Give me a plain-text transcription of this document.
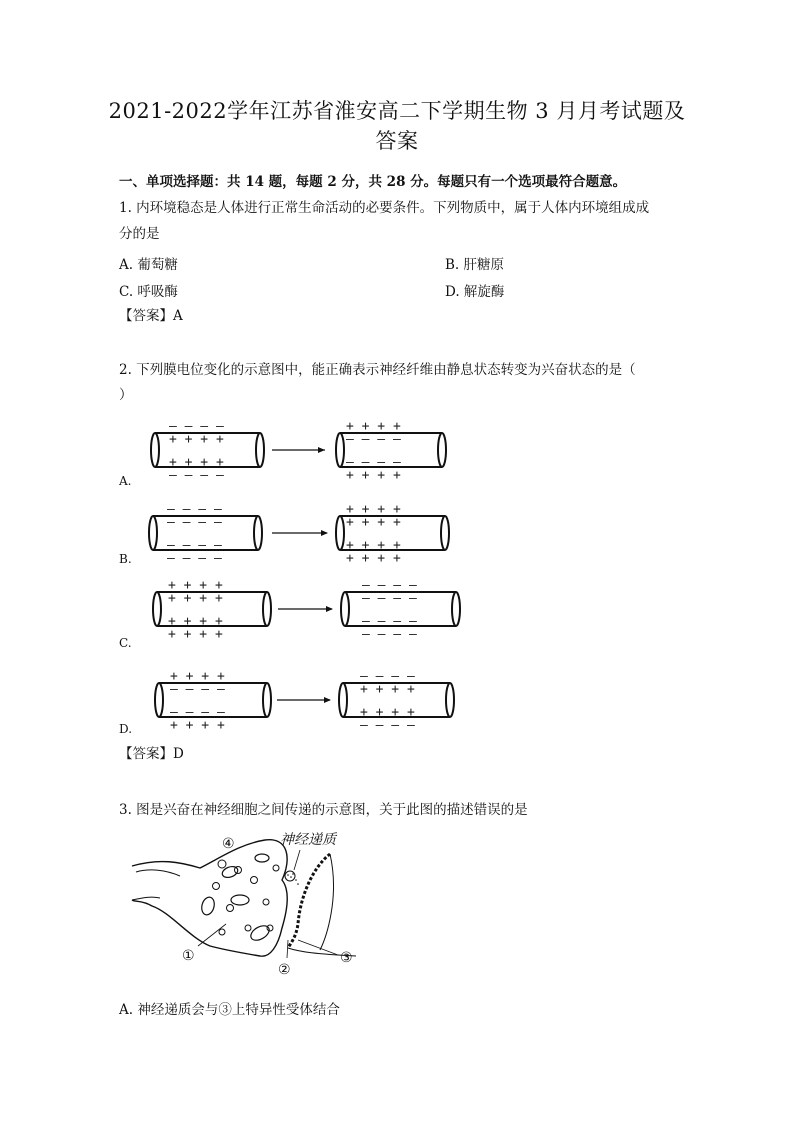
2021-2022学年江苏省淮安高二下学期生物 3 月月考试题及
答案
一、单项选择题：共 14 题，每题 2 分，共 28 分。每题只有一个选项最符合题意。
1. 内环境稳态是人体进行正常生命活动的必要条件。下列物质中，属于人体内环境组成成
分的是
A. 葡萄糖	B. 肝糖原
C. 呼吸酶	D. 解旋酶
【答案】A
2. 下列膜电位变化的示意图中，能正确表示神经纤维由静息状态转变为兴奋状态的是（
）
– – – –
+ + + +
+ + + +
– – – –
+ + + +
– – – –
– – – –
+ + + +
A.
– – – –
– – – –
– – – –
– – – –
+ + + +
+ + + +
+ + + +
+ + + +
B.
+ + + +
+ + + +
+ + + +
+ + + +
– – – –
– – – –
– – – –
– – – –
C.
+ + + +
– – – –
– – – –
+ + + +
– – – –
+ + + +
+ + + +
– – – –
D.
【答案】D
3. 图是兴奋在神经细胞之间传递的示意图，关于此图的描述错误的是
神经递质
④
①
②
③
A. 神经递质会与③上特异性受体结合
